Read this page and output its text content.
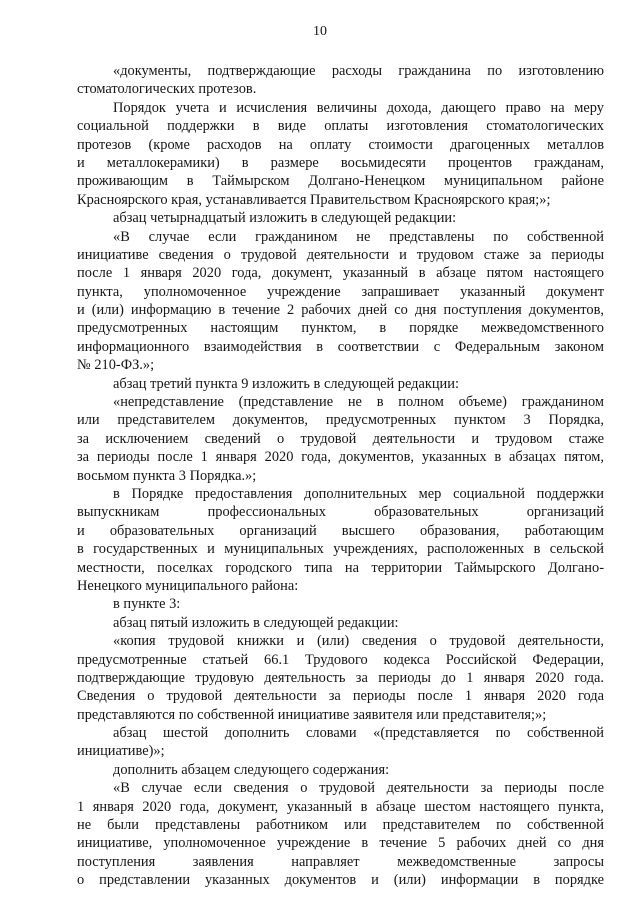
10
«документы, подтверждающие расходы гражданина по изготовлению
стоматологических протезов.
Порядок учета и исчисления величины дохода, дающего право на меру
социальной поддержки в виде оплаты изготовления стоматологических
протезов (кроме расходов на оплату стоимости драгоценных металлов
и металлокерамики) в размере восьмидесяти процентов гражданам,
проживающим в Таймырском Долгано-Ненецком муниципальном районе
Красноярского края, устанавливается Правительством Красноярского края;»;
абзац четырнадцатый изложить в следующей редакции:
«В случае если гражданином не представлены по собственной
инициативе сведения о трудовой деятельности и трудовом стаже за периоды
после 1 января 2020 года, документ, указанный в абзаце пятом настоящего
пункта, уполномоченное учреждение запрашивает указанный документ
и (или) информацию в течение 2 рабочих дней со дня поступления документов,
предусмотренных настоящим пунктом, в порядке межведомственного
информационного взаимодействия в соответствии с Федеральным законом
№ 210-ФЗ.»;
абзац третий пункта 9 изложить в следующей редакции:
«непредставление (представление не в полном объеме) гражданином
или представителем документов, предусмотренных пунктом 3 Порядка,
за исключением сведений о трудовой деятельности и трудовом стаже
за периоды после 1 января 2020 года, документов, указанных в абзацах пятом,
восьмом пункта 3 Порядка.»;
в Порядке предоставления дополнительных мер социальной поддержки
выпускникам профессиональных образовательных организаций
и образовательных организаций высшего образования, работающим
в государственных и муниципальных учреждениях, расположенных в сельской
местности, поселках городского типа на территории Таймырского Долгано-
Ненецкого муниципального района:
в пункте 3:
абзац пятый изложить в следующей редакции:
«копия трудовой книжки и (или) сведения о трудовой деятельности,
предусмотренные статьей 66.1 Трудового кодекса Российской Федерации,
подтверждающие трудовую деятельность за периоды до 1 января 2020 года.
Сведения о трудовой деятельности за периоды после 1 января 2020 года
представляются по собственной инициативе заявителя или представителя;»;
абзац шестой дополнить словами «(представляется по собственной
инициативе)»;
дополнить абзацем следующего содержания:
«В случае если сведения о трудовой деятельности за периоды после
1 января 2020 года, документ, указанный в абзаце шестом настоящего пункта,
не были представлены работником или представителем по собственной
инициативе, уполномоченное учреждение в течение 5 рабочих дней со дня
поступления заявления направляет межведомственные запросы
о представлении указанных документов и (или) информации в порядке
